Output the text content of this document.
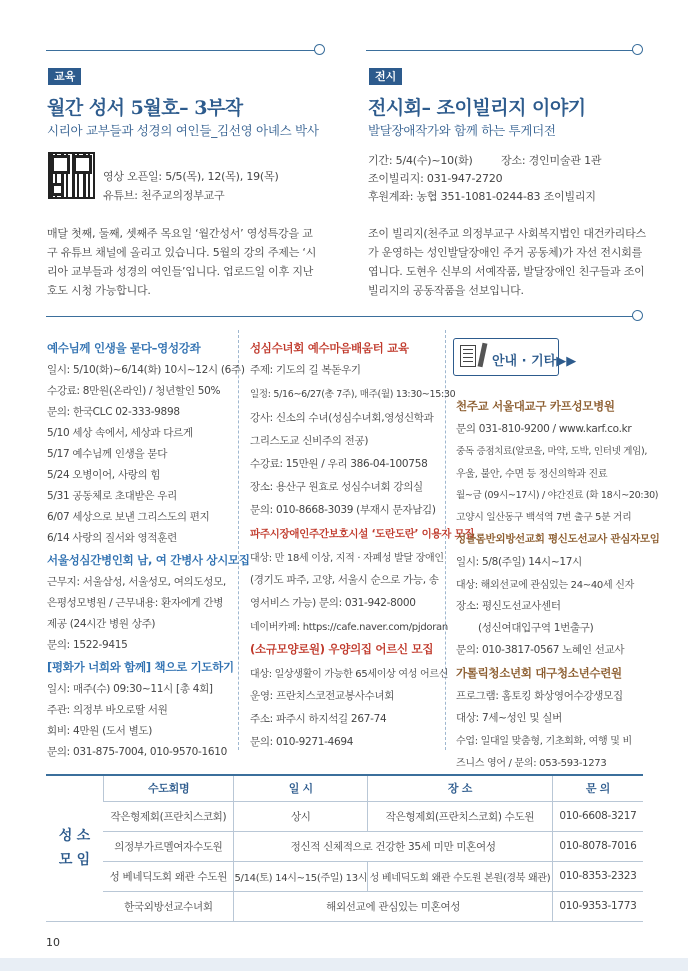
교육
월간 성서 5월호– 3부작
시리아 교부들과 성경의 여인들_김선영 아녜스 박사
영상 오픈일: 5/5(목), 12(목), 19(목)
유튜브: 천주교의정부교구
매달 첫째, 둘째, 셋째주 목요일 ‘월간성서’ 영성특강을 교
구 유튜브 채널에 올리고 있습니다. 5월의 강의 주제는 ‘시
리아 교부들과 성경의 여인들’입니다. 업로드일 이후 지난
호도 시청 가능합니다.
전시
전시회– 조이빌리지 이야기
발달장애작가와 함께 하는 투게더전
기간: 5/4(수)~10(화)	장소: 경인미술관 1관
조이빌리지: 031-947-2720
후원계좌: 농협 351-1081-0244-83 조이빌리지
조이 빌리지(천주교 의정부교구 사회복지법인 대건카리타스
가 운영하는 성인발달장애인 주거 공동체)가 자선 전시회를
엽니다. 도현우 신부의 서예작품, 발달장애인 친구들과 조이
빌리지의 공동작품을 선보입니다.
예수님께 인생을 묻다–영성강좌
일시: 5/10(화)~6/14(화) 10시~12시 (6주)
수강료: 8만원(온라인) / 청년할인 50%
문의: 한국CLC 02-333-9898
5/10 세상 속에서, 세상과 다르게
5/17 예수님께 인생을 묻다
5/24 오병이어, 사랑의 힘
5/31 공동체로 초대받은 우리
6/07 세상으로 보낸 그리스도의 편지
6/14 사랑의 질서와 영적훈련
서울성심간병인회 남, 여 간병사 상시모집
근무지: 서울삼성, 서울성모, 여의도성모,
은평성모병원 / 근무내용: 환자에게 간병
제공 (24시간 병원 상주)
문의: 1522-9415
[평화가 너희와 함께] 책으로 기도하기
일시: 매주(수) 09:30~11시 [총 4회]
주관: 의정부 바오로딸 서원
회비: 4만원 (도서 별도)
문의: 031-875-7004, 010-9570-1610
성심수녀회 예수마음배움터 교육
주제: 기도의 길 복돋우기
일정: 5/16~6/27(총 7주), 매주(월) 13:30~15:30
강사: 신소의 수녀(성심수녀회,영성신학과
그리스도교 신비주의 전공)
수강료: 15만원 / 우리 386-04-100758
장소: 용산구 원효로 성심수녀회 강의실
문의: 010-8668-3039 (부재시 문자남김)
파주시장애인주간보호시설 ‘도란도란’ 이용자 모집
대상: 만 18세 이상, 지적 · 자폐성 발달 장애인
(경기도 파주, 고양, 서울시 순으로 가능, 송
영서비스 가능) 문의: 031-942-8000
네이버카페: https://cafe.naver.com/pjdoran
(소규모양로원) 우양의집 어르신 모집
대상: 일상생활이 가능한 65세이상 여성 어르신
운영: 프란치스코전교봉사수녀회
주소: 파주시 하지석길 267-74
문의: 010-9271-4694
안내 · 기타▶▶
천주교 서울대교구 카프성모병원
문의 031-810-9200 / www.karf.co.kr
중독 증점치료(알코올, 마약, 도박, 인터넷 게임),
우울, 불안, 수면 등 정신의학과 진료
월~금 (09시~17시) / 야간진료 (화 18시~20:30)
고양시 일산동구 백석역 7번 출구 5분 거리
성골롬반외방선교회 평신도선교사 관심자모임
일시: 5/8(주일) 14시~17시
대상: 해외선교에 관심있는 24~40세 신자
장소: 평신도선교사센터
(성신여대입구역 1번출구)
문의: 010-3817-0567 노혜인 선교사
가톨릭청소년회 대구청소년수련원
프로그램: 홈토킹 화상영어수강생모집
대상: 7세~성인 및 실버
수업: 일대일 맞춤형, 기초회화, 여행 및 비
즈니스 영어 / 문의: 053-593-1273
성 소
모 임	수도회명	일 시	장 소	문 의
	작은형제회(프란치스코회)	상시	작은형제회(프란치스코회) 수도원	010-6608-3217
	의정부가르멜여자수도원	정신적 신체적으로 건강한 35세 미만 미혼여성		010-8078-7016
	성 베네딕도회 왜관 수도원	5/14(토) 14시~15(주일) 13시	성 베네딕도회 왜관 수도원 본원(경북 왜관)	010-8353-2323
	한국외방선교수녀회	해외선교에 관심있는 미혼여성		010-9353-1773
10
